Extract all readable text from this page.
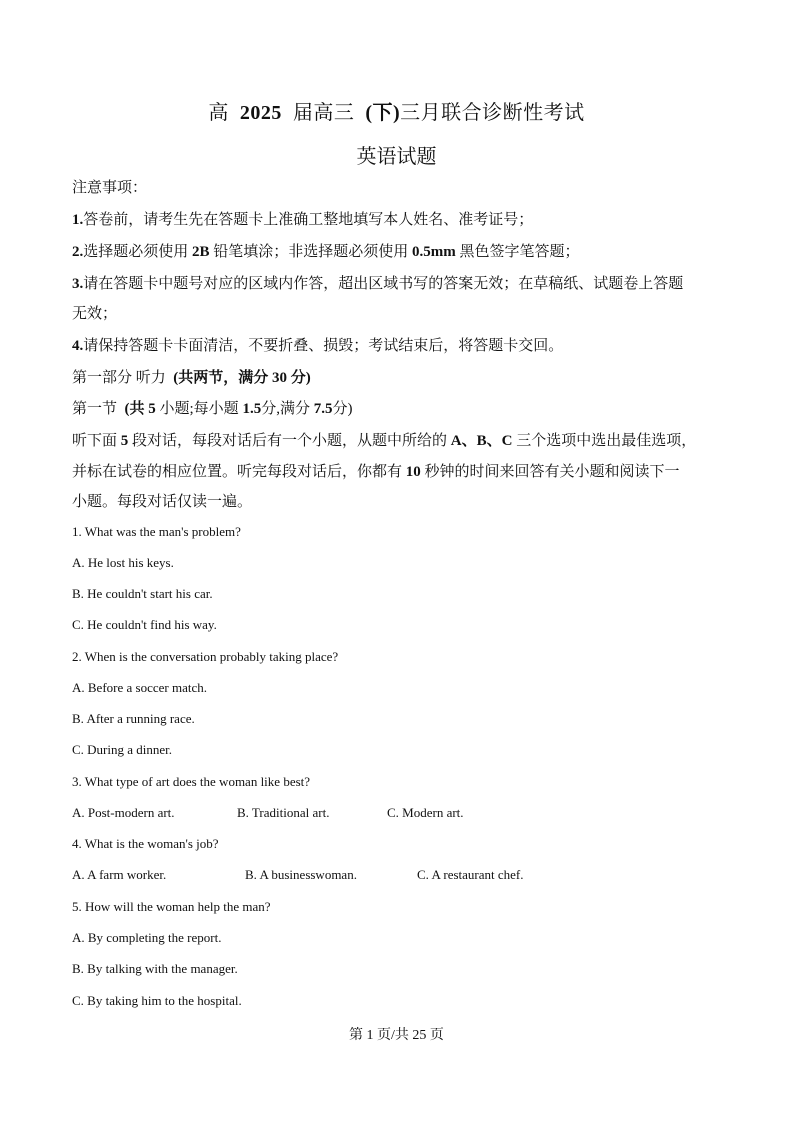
高 2025 届高三 (下)三月联合诊断性考试
英语试题
注意事项：
1.答卷前，请考生先在答题卡上准确工整地填写本人姓名、准考证号；
2.选择题必须使用 2B 铅笔填涂；非选择题必须使用 0.5mm 黑色签字笔答题；
3.请在答题卡中题号对应的区域内作答，超出区域书写的答案无效；在草稿纸、试题卷上答题
无效；
4.请保持答题卡卡面清洁，不要折叠、损毁；考试结束后，将答题卡交回。
第一部分 听力 (共两节，满分 30 分)
第一节 (共 5 小题;每小题 1.5分,满分 7.5分)
听下面 5 段对话，每段对话后有一个小题，从题中所给的 A、B、C 三个选项中选出最佳选项，
并标在试卷的相应位置。听完每段对话后，你都有 10 秒钟的时间来回答有关小题和阅读下一
小题。每段对话仅读一遍。
1. What was the man's problem?
A. He lost his keys.
B. He couldn't start his car.
C. He couldn't find his way.
2. When is the conversation probably taking place?
A. Before a soccer match.
B. After a running race.
C. During a dinner.
3. What type of art does the woman like best?
A. Post-modern art.	B. Traditional art.	C. Modern art.
4. What is the woman's job?
A. A farm worker.	B. A businesswoman.	C. A restaurant chef.
5. How will the woman help the man?
A. By completing the report.
B. By talking with the manager.
C. By taking him to the hospital.
第 1 页/共 25 页
